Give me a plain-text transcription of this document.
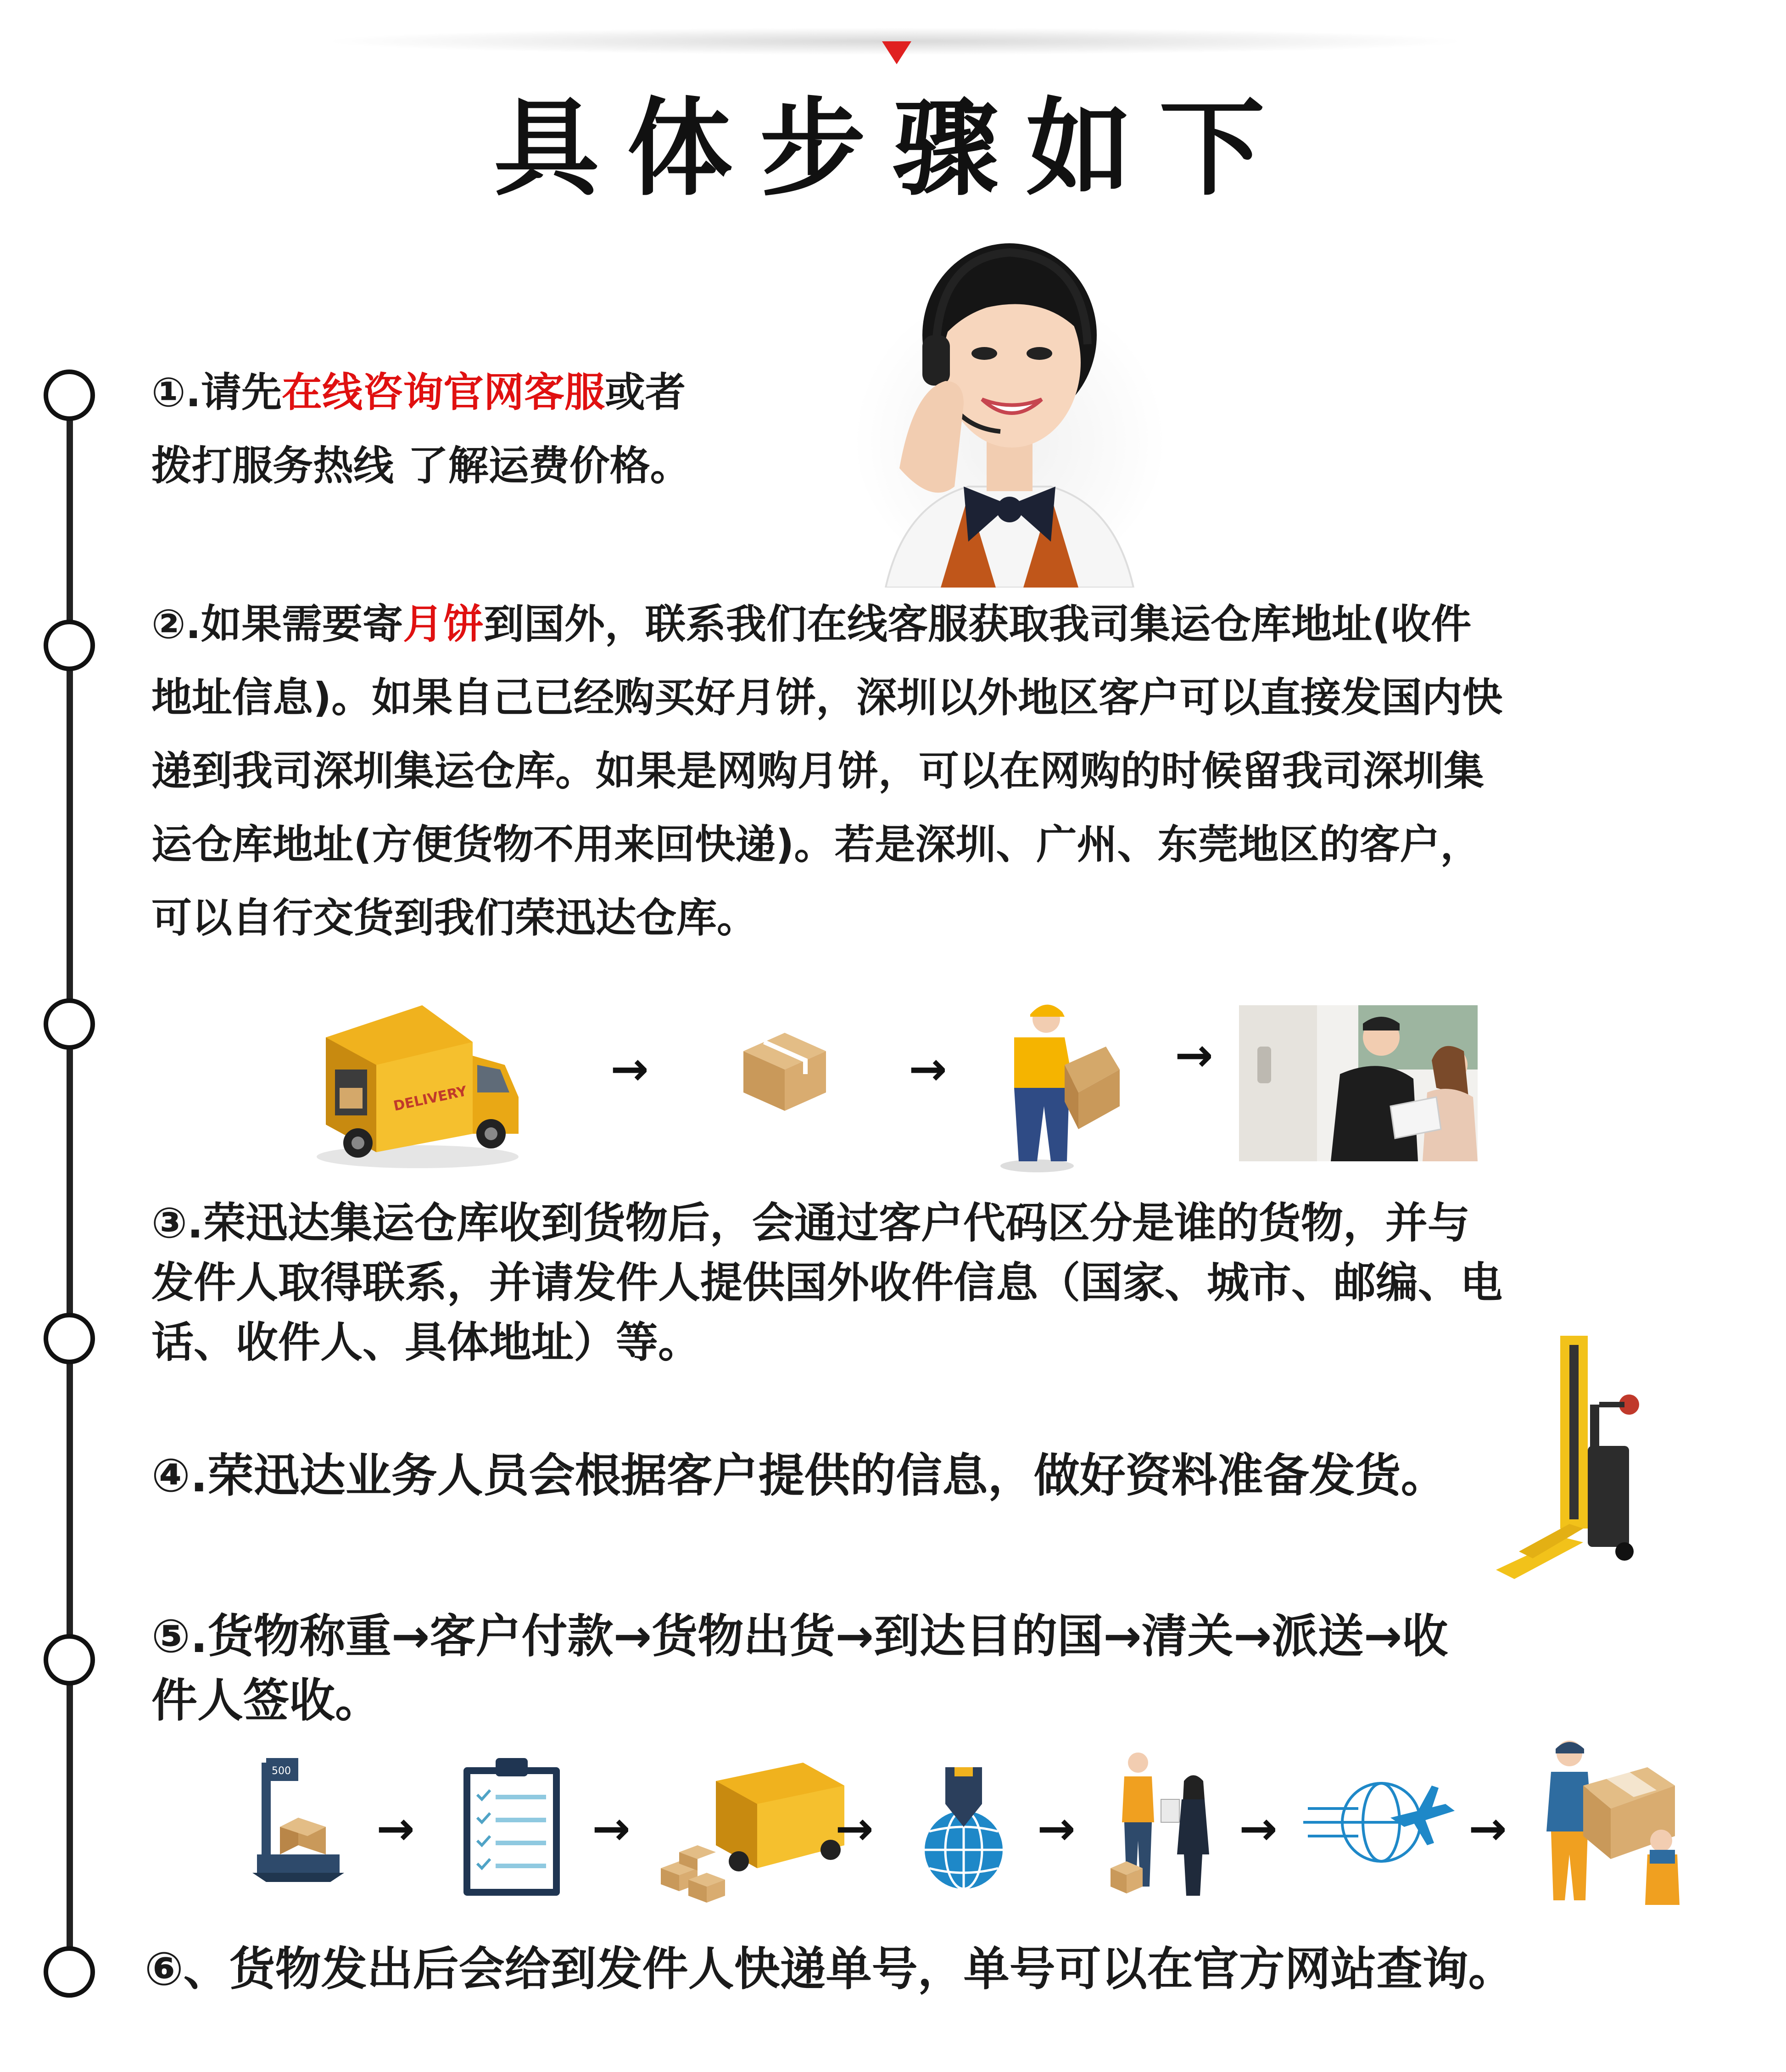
具体步骤如下
①.请先在线咨询官网客服或者
拨打服务热线 了解运费价格。
②.如果需要寄月饼到国外，联系我们在线客服获取我司集运仓库地址(收件
地址信息)。如果自己已经购买好月饼，深圳以外地区客户可以直接发国内快
递到我司深圳集运仓库。如果是网购月饼，可以在网购的时候留我司深圳集
运仓库地址(方便货物不用来回快递)。若是深圳、广州、东莞地区的客户，
可以自行交货到我们荣迅达仓库。
DELIVERY
→	→	→
③.荣迅达集运仓库收到货物后，会通过客户代码区分是谁的货物，并与
发件人取得联系，并请发件人提供国外收件信息（国家、城市、邮编、电
话、收件人、具体地址）等。
④.荣迅达业务人员会根据客户提供的信息，做好资料准备发货。
⑤.货物称重→客户付款→货物出货→到达目的国→清关→派送→收
件人签收。
500
→	→	→	→	→	→
⑥、货物发出后会给到发件人快递单号，单号可以在官方网站查询。
